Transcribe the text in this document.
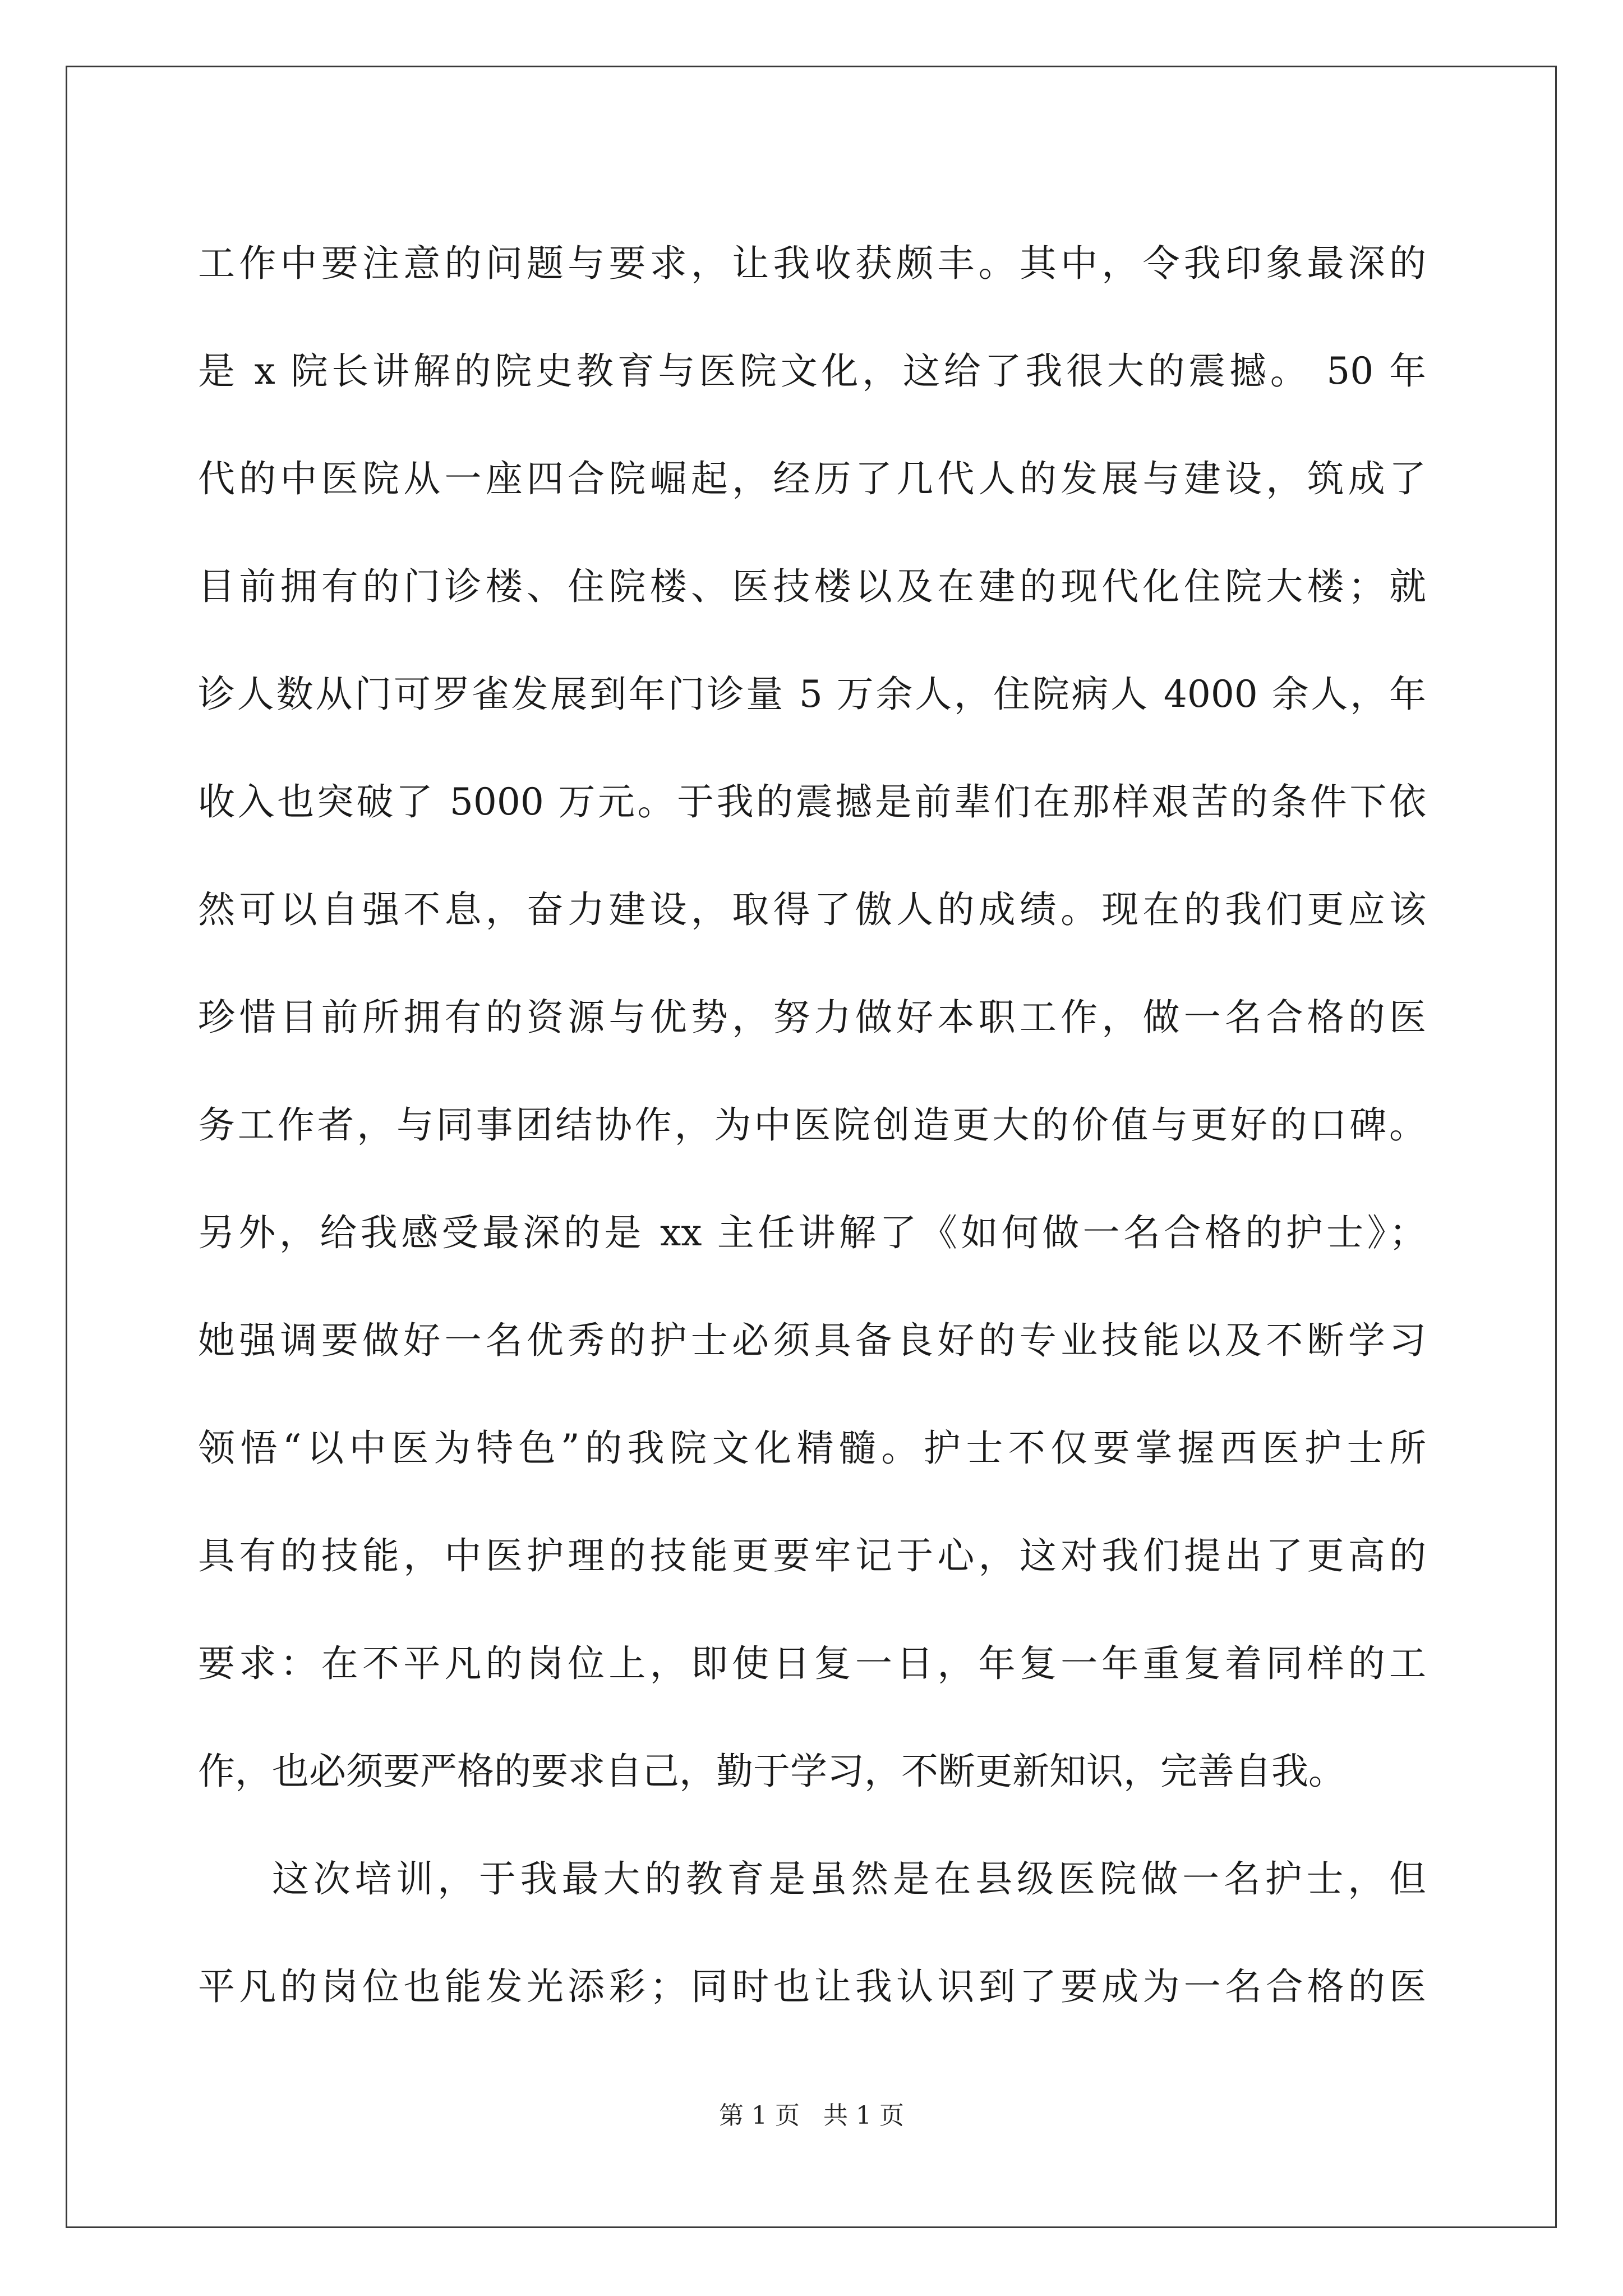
工作中要注意的问题与要求，让我收获颇丰。其中，令我印象最深的
是 x 院长讲解的院史教育与医院文化，这给了我很大的震撼。 50 年
代的中医院从一座四合院崛起，经历了几代人的发展与建设，筑成了
目前拥有的门诊楼、住院楼、医技楼以及在建的现代化住院大楼；就
诊人数从门可罗雀发展到年门诊量 5 万余人，住院病人 4000 余人，年
收入也突破了 5000 万元。于我的震撼是前辈们在那样艰苦的条件下依
然可以自强不息，奋力建设，取得了傲人的成绩。现在的我们更应该
珍惜目前所拥有的资源与优势，努力做好本职工作，做一名合格的医
务工作者，与同事团结协作，为中医院创造更大的价值与更好的口碑。
另外，给我感受最深的是 xx 主任讲解了《如何做一名合格的护士》；
她强调要做好一名优秀的护士必须具备良好的专业技能以及不断学习
领悟“以中医为特色”的我院文化精髓。护士不仅要掌握西医护士所
具有的技能，中医护理的技能更要牢记于心，这对我们提出了更高的
要求：在不平凡的岗位上，即使日复一日，年复一年重复着同样的工
作，也必须要严格的要求自己，勤于学习，不断更新知识，完善自我。
这次培训，于我最大的教育是虽然是在县级医院做一名护士，但
平凡的岗位也能发光添彩；同时也让我认识到了要成为一名合格的医
第 1 页   共 1 页
